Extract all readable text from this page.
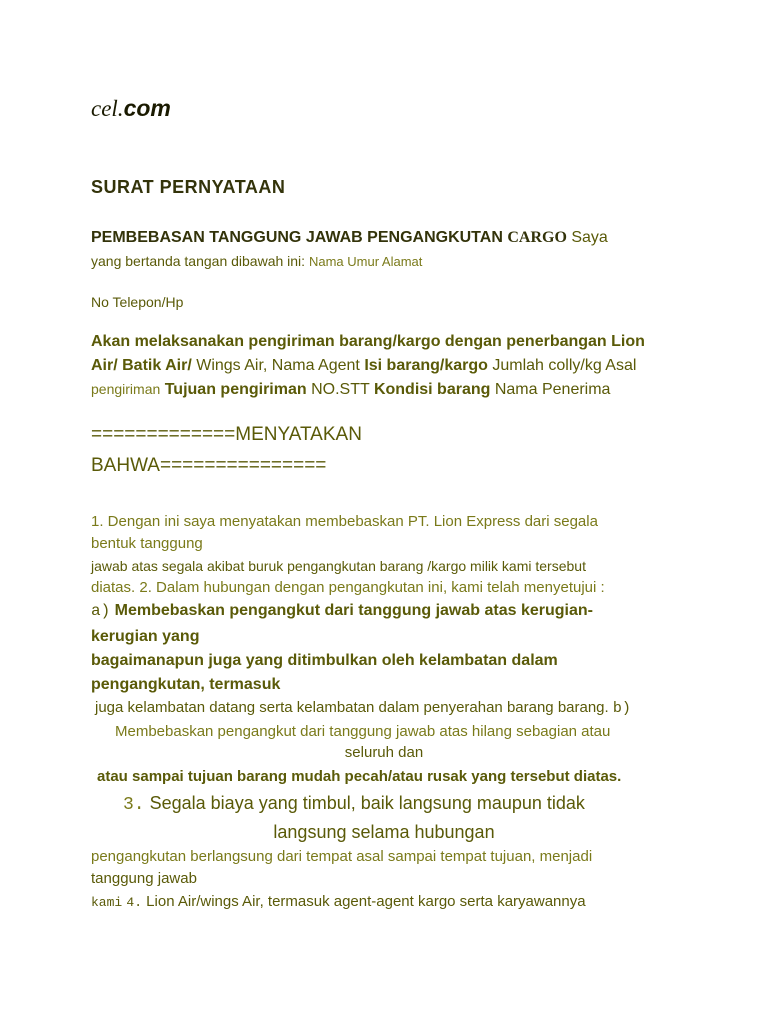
cel.com
SURAT PERNYATAAN
PEMBEBASAN TANGGUNG JAWAB PENGANGKUTAN CARGO Saya
yang bertanda tangan dibawah ini: Nama Umur Alamat
No Telepon/Hp
Akan melaksanakan pengiriman barang/kargo dengan penerbangan Lion
Air/ Batik Air/ Wings Air, Nama Agent Isi barang/kargo Jumlah colly/kg Asal
pengiriman Tujuan pengiriman NO.STT Kondisi barang Nama Penerima
=============MENYATAKAN
BAHWA===============
1. Dengan ini saya menyatakan membebaskan PT. Lion Express dari segala
bentuk tanggung
jawab atas segala akibat buruk pengangkutan barang /kargo milik kami tersebut
diatas. 2. Dalam hubungan dengan pengangkutan ini, kami telah menyetujui :
a) Membebaskan pengangkut dari tanggung jawab atas kerugian-
kerugian yang
bagaimanapun juga yang ditimbulkan oleh kelambatan dalam
pengangkutan, termasuk
juga kelambatan datang serta kelambatan dalam penyerahan barang barang. b)
Membebaskan pengangkut dari tanggung jawab atas hilang sebagian atau
seluruh dan
atau sampai tujuan barang mudah pecah/atau rusak yang tersebut diatas.
3. Segala biaya yang timbul, baik langsung maupun tidak
langsung selama hubungan
pengangkutan berlangsung dari tempat asal sampai tempat tujuan, menjadi
tanggung jawab
kami 4. Lion Air/wings Air, termasuk agent-agent kargo serta karyawannya
